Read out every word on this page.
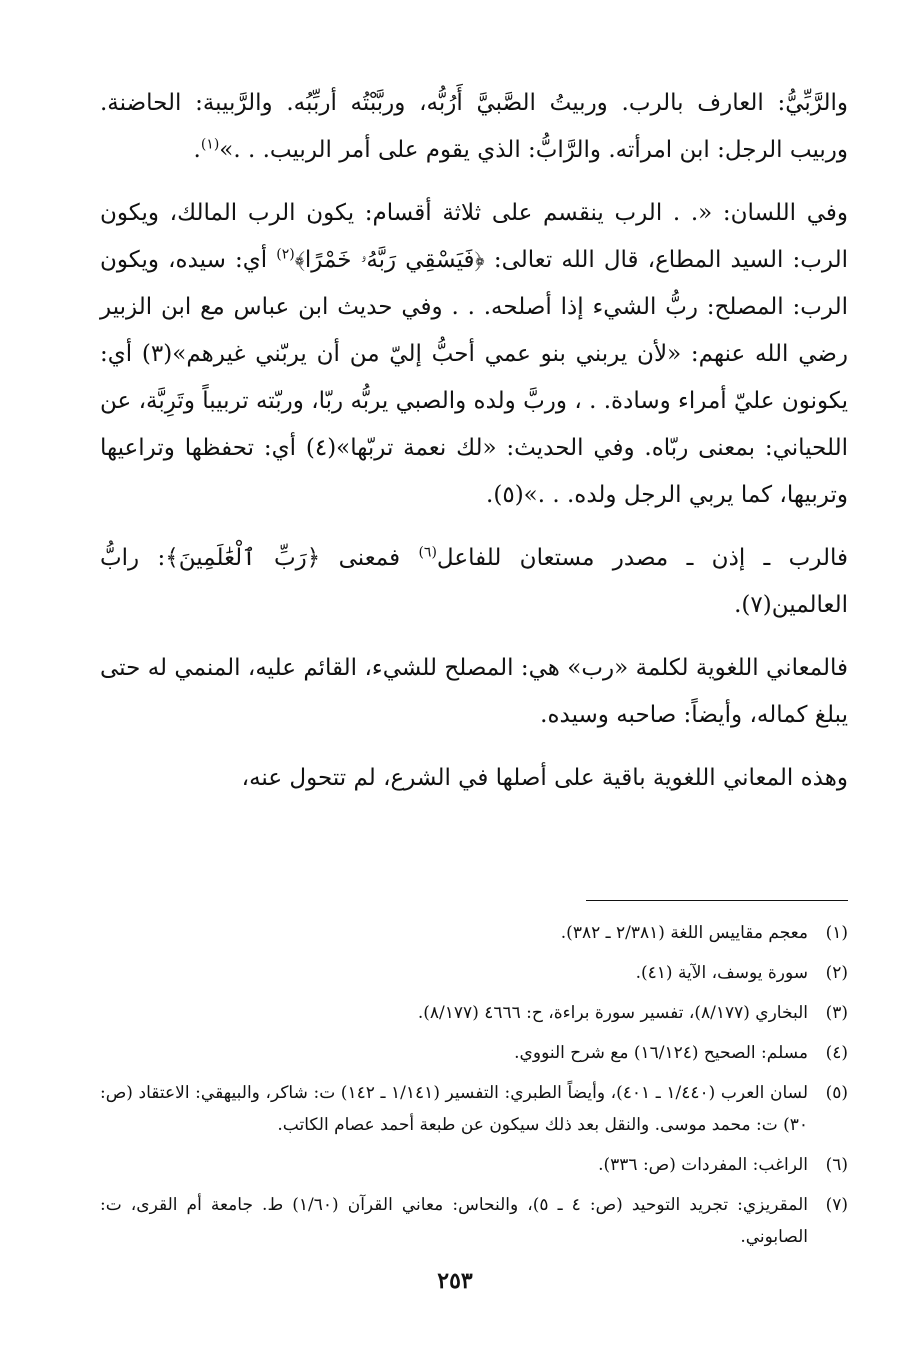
والرَّبِّيُّ: العارف بالرب. وربيتُ الصَّبيَّ أَرُبُّه، وربَّبْتُه أربِّبُه. والرَّبيبة: الحاضنة. وربيب الرجل: ابن امرأته. والرَّابُّ: الذي يقوم على أمر الربيب. . .»$^{(١)}$.

وفي اللسان: «. . الرب ينقسم على ثلاثة أقسام: يكون الرب المالك، ويكون الرب: السيد المطاع، قال الله تعالى: ﴿فَيَسْقِي رَبَّهُۥ خَمْرًا﴾$^{(٢)}$ أي: سيده، ويكون الرب: المصلح: ربُّ الشيء إذا أصلحه. . . وفي حديث ابن عباس مع ابن الزبير رضي الله عنهم: «لأن يربني بنو عمي أحبُّ إليّ من أن يربّني غيرهم»(٣) أي: يكونون عليّ أمراء وسادة. . ، وربَّ ولده والصبي يربُّه ربّا، وربّته تربيباً وتَرِبَّة، عن اللحياني: بمعنى ربّاه. وفي الحديث: «لك نعمة تربّها»(٤) أي: تحفظها وتراعيها وتربيها، كما يربي الرجل ولده. . .»(٥).

فالرب ـ إذن ـ مصدر مستعان للفاعل$^{(٦)}$ فمعنى ﴿رَبِّ ٱلْعَٰلَمِينَ﴾: رابُّ العالمين(٧).

فالمعاني اللغوية لكلمة «رب» هي: المصلح للشيء، القائم عليه، المنمي له حتى يبلغ كماله، وأيضاً: صاحبه وسيده.

وهذه المعاني اللغوية باقية على أصلها في الشرع، لم تتحول عنه،

(١)
معجم مقاييس اللغة (٢/٣٨١ ـ ٣٨٢).
(٢)
سورة يوسف، الآية (٤١).
(٣)
البخاري (٨/١٧٧)، تفسير سورة براءة، ح: ٤٦٦٦ (٨/١٧٧).
(٤)
مسلم: الصحيح (١٦/١٢٤) مع شرح النووي.
(٥)
لسان العرب (١/٤٤٠ ـ ٤٠١)، وأيضاً الطبري: التفسير (١/١٤١ ـ ١٤٢) ت: شاكر، والبيهقي: الاعتقاد (ص: ٣٠) ت: محمد موسى. والنقل بعد ذلك سيكون عن طبعة أحمد عصام الكاتب.
(٦)
الراغب: المفردات (ص: ٣٣٦).
(٧)
المقريزي: تجريد التوحيد (ص: ٤ ـ ٥)، والنحاس: معاني القرآن (١/٦٠) ط. جامعة أم القرى، ت: الصابوني.
٢٥٣
